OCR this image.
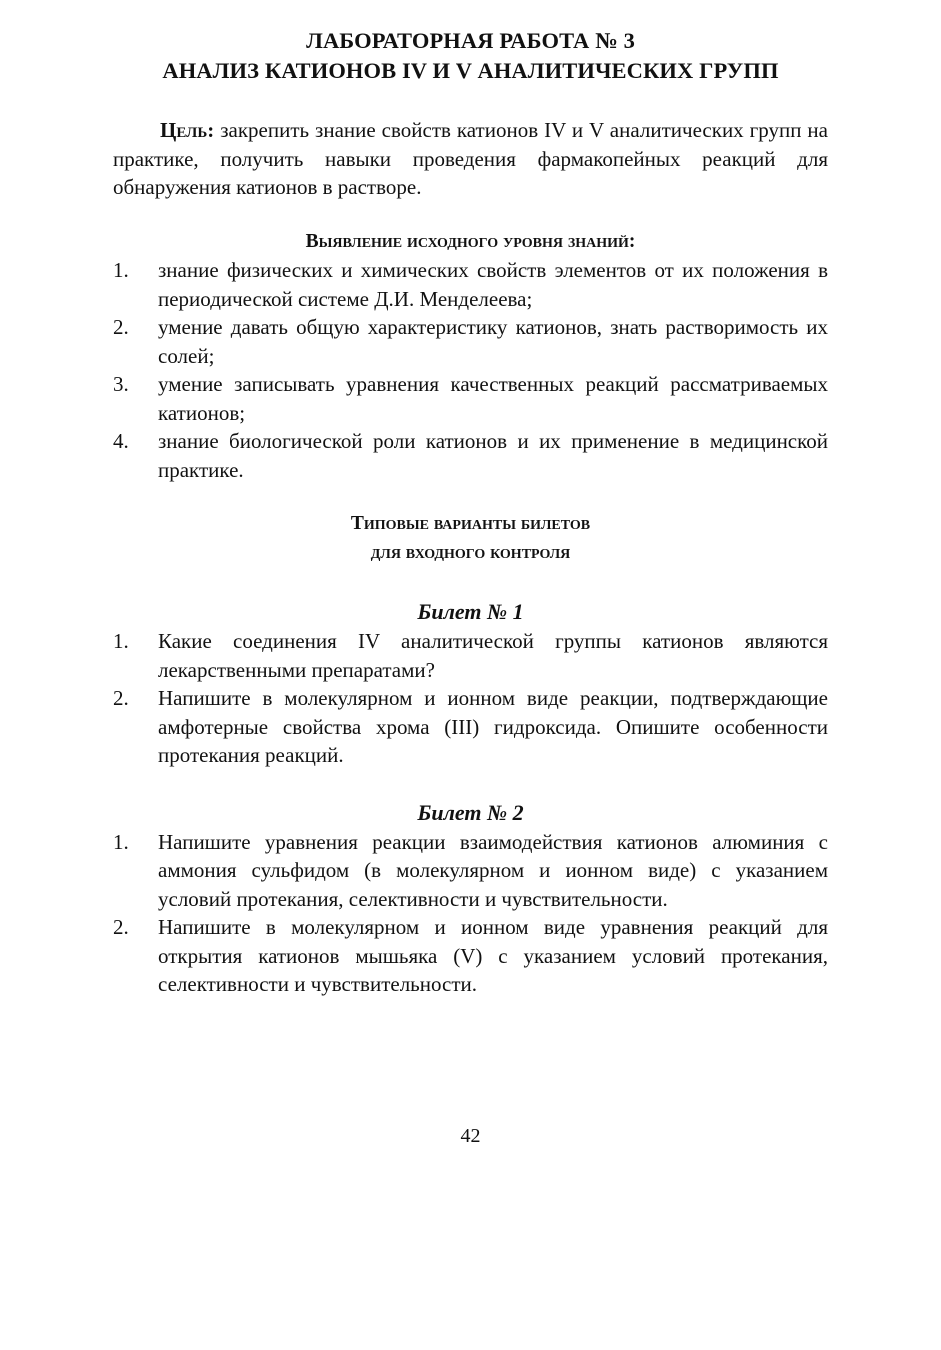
ЛАБОРАТОРНАЯ РАБОТА № 3
АНАЛИЗ КАТИОНОВ IV И V АНАЛИТИЧЕСКИХ ГРУПП

Цель: закрепить знание свойств катионов IV и V аналитических групп на практике, получить навыки проведения фармакопейных реакций для обнаружения катионов в растворе.

Выявление исходного уровня знаний:
1. знание физических и химических свойств элементов от их положения в периодической системе Д.И. Менделеева;
2. умение давать общую характеристику катионов, знать растворимость их солей;
3. умение записывать уравнения качественных реакций рассматриваемых катионов;
4. знание биологической роли катионов и их применение в медицинской практике.
Типовые варианты билетов
для входного контроля
Билет № 1
1. Какие соединения IV аналитической группы катионов являются лекарственными препаратами?
2. Напишите в молекулярном и ионном виде реакции, подтверждающие амфотерные свойства хрома (III) гидроксида. Опишите особенности протекания реакций.
Билет № 2
1. Напишите уравнения реакции взаимодействия катионов алюминия с аммония сульфидом (в молекулярном и ионном виде) с указанием условий протекания, селективности и чувствительности.
2. Напишите в молекулярном и ионном виде уравнения реакций для открытия катионов мышьяка (V) с указанием условий протекания, селективности и чувствительности.
42
